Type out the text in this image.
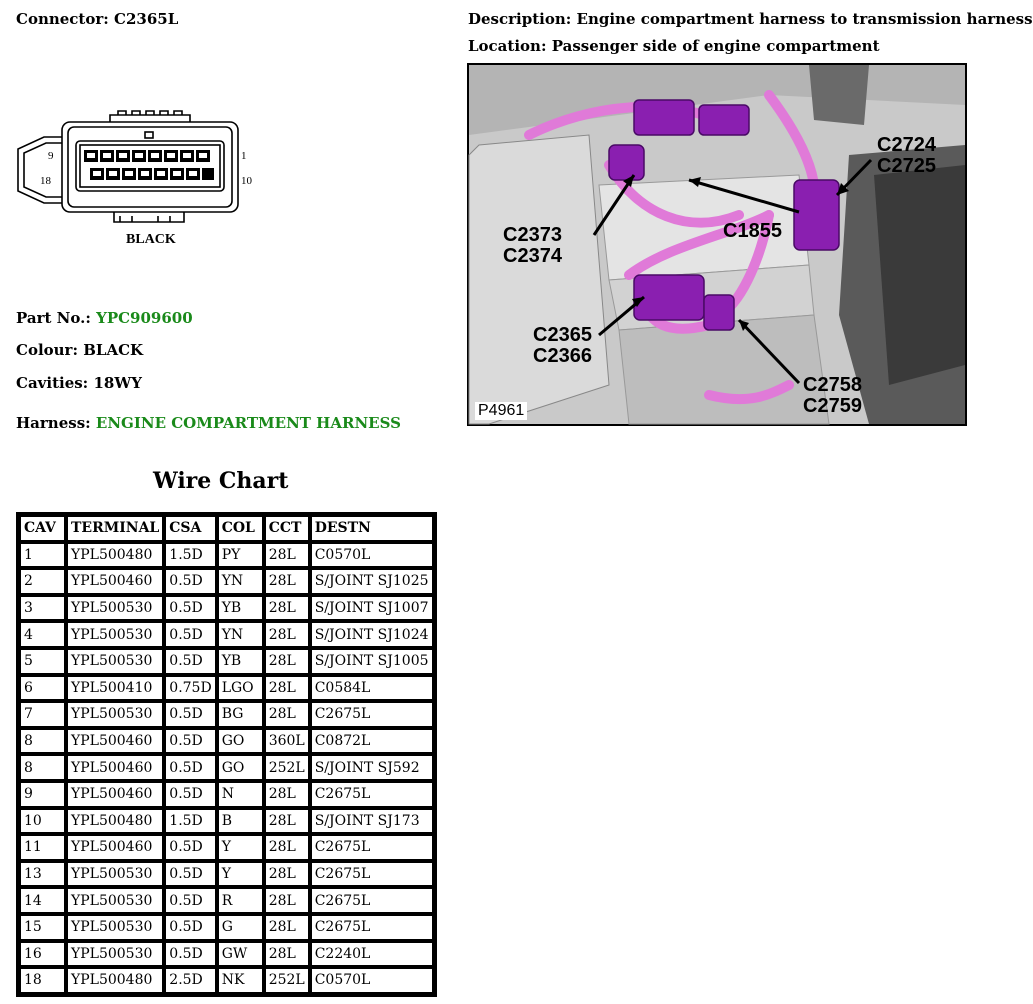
Connector: C2365L	Description: Engine compartment harness to transmission harness
Location: Passenger side of engine compartment
9
18
1
10
BLACK
Part No.: YPC909600
Colour: BLACK
Cavities: 18WY
Harness: ENGINE COMPARTMENT HARNESS
C2724
C2725
C2373
C2374
C1855
C2365
C2366
C2758
C2759
P4961
Wire Chart
CAV	TERMINAL	CSA	COL	CCT	DESTN
1	YPL500480	1.5D	PY	28L	C0570L
2	YPL500460	0.5D	YN	28L	S/JOINT SJ1025
3	YPL500530	0.5D	YB	28L	S/JOINT SJ1007
4	YPL500530	0.5D	YN	28L	S/JOINT SJ1024
5	YPL500530	0.5D	YB	28L	S/JOINT SJ1005
6	YPL500410	0.75D	LGO	28L	C0584L
7	YPL500530	0.5D	BG	28L	C2675L
8	YPL500460	0.5D	GO	360L	C0872L
8	YPL500460	0.5D	GO	252L	S/JOINT SJ592
9	YPL500460	0.5D	N	28L	C2675L
10	YPL500480	1.5D	B	28L	S/JOINT SJ173
11	YPL500460	0.5D	Y	28L	C2675L
13	YPL500530	0.5D	Y	28L	C2675L
14	YPL500530	0.5D	R	28L	C2675L
15	YPL500530	0.5D	G	28L	C2675L
16	YPL500530	0.5D	GW	28L	C2240L
18	YPL500480	2.5D	NK	252L	C0570L
